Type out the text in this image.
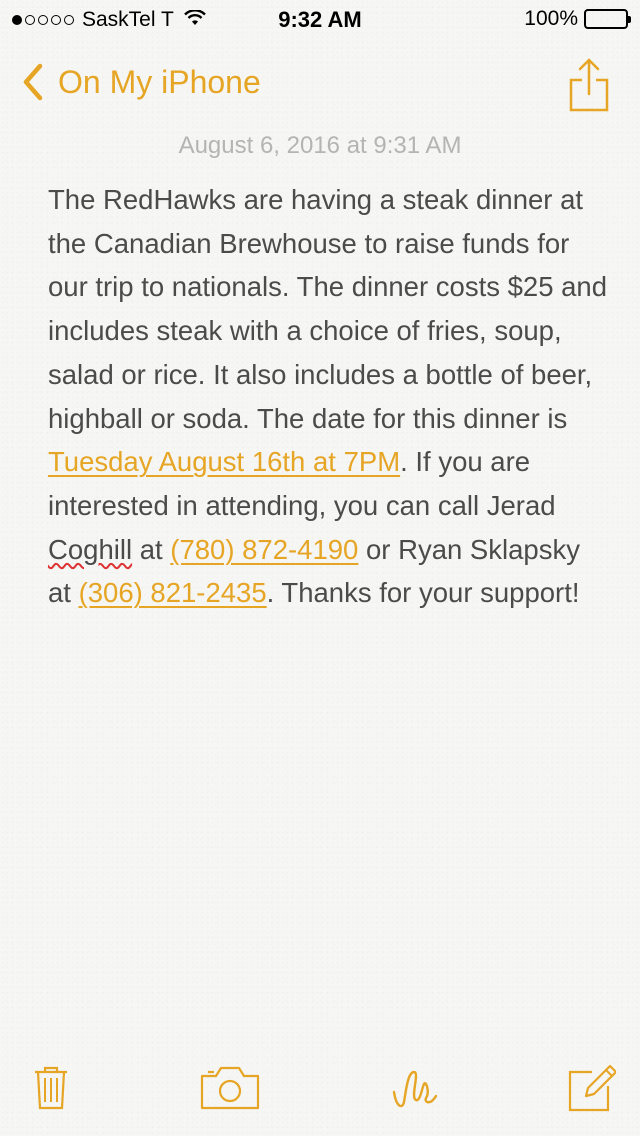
SaskTel T	9:32 AM	100%
On My iPhone
August 6, 2016 at 9:31 AM
The RedHawks are having a steak dinner at the Canadian Brewhouse to raise funds for our trip to nationals. The dinner costs $25 and includes steak with a choice of fries, soup, salad or rice. It also includes a bottle of beer, highball or soda. The date for this dinner is Tuesday August 16th at 7PM. If you are interested in attending, you can call Jerad Coghill at (780) 872-4190 or Ryan Sklapsky at (306) 821-2435. Thanks for your support!
